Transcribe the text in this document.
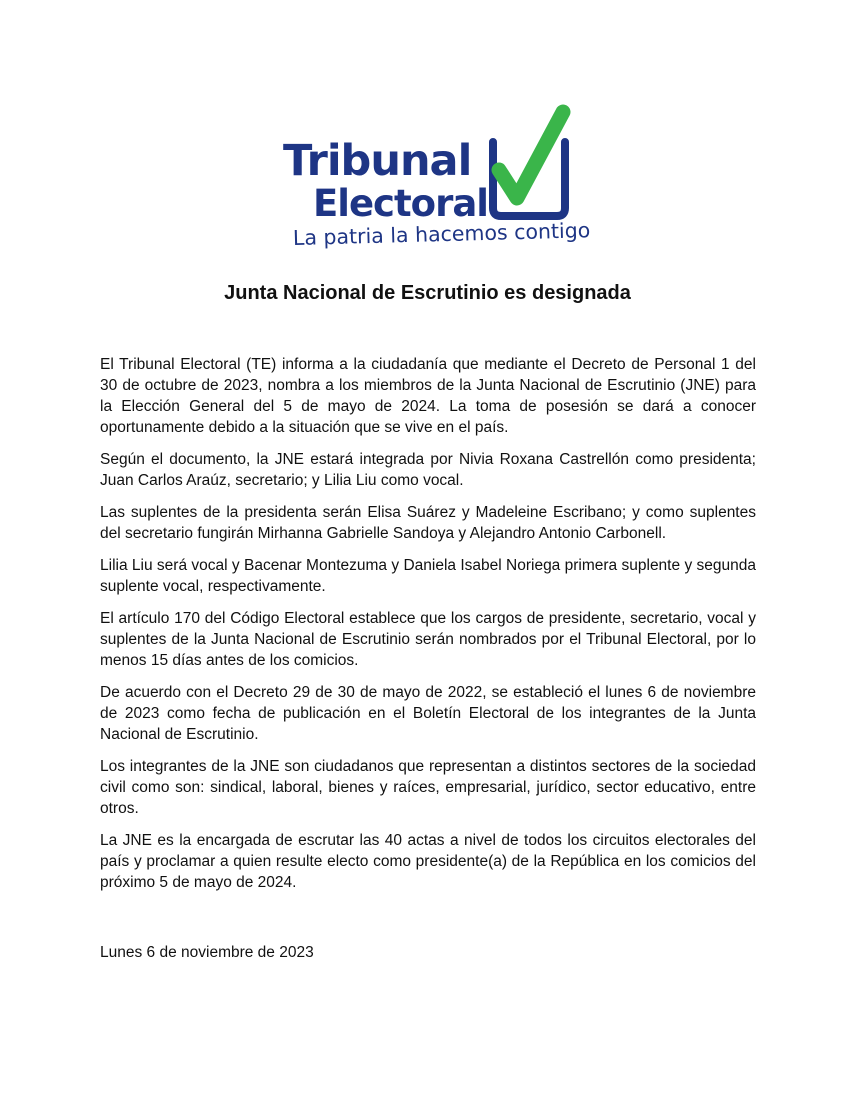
Tribunal
Electoral
La patria la hacemos contigo
Junta Nacional de Escrutinio es designada

El Tribunal Electoral (TE) informa a la ciudadanía que mediante el Decreto de Personal 1 del 30 de octubre de 2023, nombra a los miembros de la Junta Nacional de Escrutinio (JNE) para la Elección General del 5 de mayo de 2024. La toma de posesión se dará a conocer oportunamente debido a la situación que se vive en el país.

Según el documento, la JNE estará integrada por Nivia Roxana Castrellón como presidenta; Juan Carlos Araúz, secretario; y Lilia Liu como vocal.

Las suplentes de la presidenta serán Elisa Suárez y Madeleine Escribano; y como suplentes del secretario fungirán Mirhanna Gabrielle Sandoya y Alejandro Antonio Carbonell.

Lilia Liu será vocal y Bacenar Montezuma y Daniela Isabel Noriega primera suplente y segunda suplente vocal, respectivamente.

El artículo 170 del Código Electoral establece que los cargos de presidente, secretario, vocal y suplentes de la Junta Nacional de Escrutinio serán nombrados por el Tribunal Electoral, por lo menos 15 días antes de los comicios.

De acuerdo con el Decreto 29 de 30 de mayo de 2022, se estableció el lunes 6 de noviembre de 2023 como fecha de publicación en el Boletín Electoral de los integrantes de la Junta Nacional de Escrutinio.

Los integrantes de la JNE son ciudadanos que representan a distintos sectores de la sociedad civil como son: sindical, laboral, bienes y raíces, empresarial, jurídico, sector educativo, entre otros.

La JNE es la encargada de escrutar las 40 actas a nivel de todos los circuitos electorales del país y proclamar a quien resulte electo como presidente(a) de la República en los comicios del próximo 5 de mayo de 2024.

Lunes 6 de noviembre de 2023
